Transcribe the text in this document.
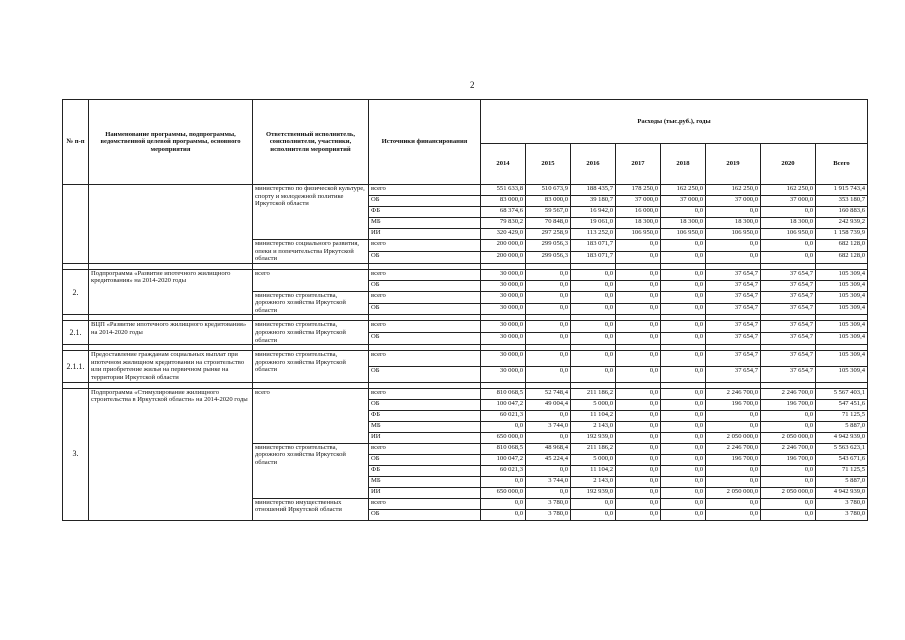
2
№ п-п	Наименование программы, подпрограммы, ведомственной целевой программы, основного мероприятия	Ответственный исполнитель, соисполнители, участники, исполнители мероприятий	Источники финансирования	Расходы (тыс.руб.), годы							
				2014	2015	2016	2017	2018	2019	2020	Всего
		министерство по физической культуре, спорту и молодежной политике Иркутской области	всего	551 633,8	510 673,9	188 435,7	178 250,0	162 250,0	162 250,0	162 250,0	1 915 743,4
			ОБ	83 000,0	83 000,0	39 180,7	37 000,0	37 000,0	37 000,0	37 000,0	353 180,7
			ФБ	68 374,6	59 567,0	16 942,0	16 000,0	0,0	0,0	0,0	160 883,6
			МБ	79 830,2	70 848,0	19 061,0	18 300,0	18 300,0	18 300,0	18 300,0	242 939,2
			ИИ	320 429,0	297 258,9	113 252,0	106 950,0	106 950,0	106 950,0	106 950,0	1 158 739,9
		министерство социального развития, опеки и попечительства Иркутской области	всего	200 000,0	299 056,3	183 071,7	0,0	0,0	0,0	0,0	682 128,0
			ОБ	200 000,0	299 056,3	183 071,7	0,0	0,0	0,0	0,0	682 128,0

2.	Подпрограмма «Развитие ипотечного жилищного кредитования» на 2014-2020 годы	всего	всего	30 000,0	0,0	0,0	0,0	0,0	37 654,7	37 654,7	105 309,4
			ОБ	30 000,0	0,0	0,0	0,0	0,0	37 654,7	37 654,7	105 309,4
		министерство строительства, дорожного хозяйства Иркутской области	всего	30 000,0	0,0	0,0	0,0	0,0	37 654,7	37 654,7	105 309,4
			ОБ	30 000,0	0,0	0,0	0,0	0,0	37 654,7	37 654,7	105 309,4

2.1.	ВЦП «Развитие ипотечного жилищного кредитования» на 2014-2020 годы	министерство строительства, дорожного хозяйства Иркутской области	всего	30 000,0	0,0	0,0	0,0	0,0	37 654,7	37 654,7	105 309,4
			ОБ	30 000,0	0,0	0,0	0,0	0,0	37 654,7	37 654,7	105 309,4

2.1.1.	Предоставление гражданам социальных выплат при ипотечном жилищном кредитовании на строительство или приобретение жилья на первичном рынке на территории Иркутской области	министерство строительства, дорожного хозяйства Иркутской области	всего	30 000,0	0,0	0,0	0,0	0,0	37 654,7	37 654,7	105 309,4
			ОБ	30 000,0	0,0	0,0	0,0	0,0	37 654,7	37 654,7	105 309,4

3.	Подпрограмма «Стимулирование жилищного строительства в Иркутской области» на 2014-2020 годы	всего	всего	810 068,5	52 748,4	211 186,2	0,0	0,0	2 246 700,0	2 246 700,0	5 567 403,1
			ОБ	100 047,2	49 004,4	5 000,0	0,0	0,0	196 700,0	196 700,0	547 451,6
			ФБ	60 021,3	0,0	11 104,2	0,0	0,0	0,0	0,0	71 125,5
			МБ	0,0	3 744,0	2 143,0	0,0	0,0	0,0	0,0	5 887,0
			ИИ	650 000,0	0,0	192 939,0	0,0	0,0	2 050 000,0	2 050 000,0	4 942 939,0
		министерство строительства, дорожного хозяйства Иркутской области	всего	810 068,5	48 968,4	211 186,2	0,0	0,0	2 246 700,0	2 246 700,0	5 563 623,1
			ОБ	100 047,2	45 224,4	5 000,0	0,0	0,0	196 700,0	196 700,0	543 671,6
			ФБ	60 021,3	0,0	11 104,2	0,0	0,0	0,0	0,0	71 125,5
			МБ	0,0	3 744,0	2 143,0	0,0	0,0	0,0	0,0	5 887,0
			ИИ	650 000,0	0,0	192 939,0	0,0	0,0	2 050 000,0	2 050 000,0	4 942 939,0
		министерство имущественных отношений Иркутской области	всего	0,0	3 780,0	0,0	0,0	0,0	0,0	0,0	3 780,0
			ОБ	0,0	3 780,0	0,0	0,0	0,0	0,0	0,0	3 780,0
